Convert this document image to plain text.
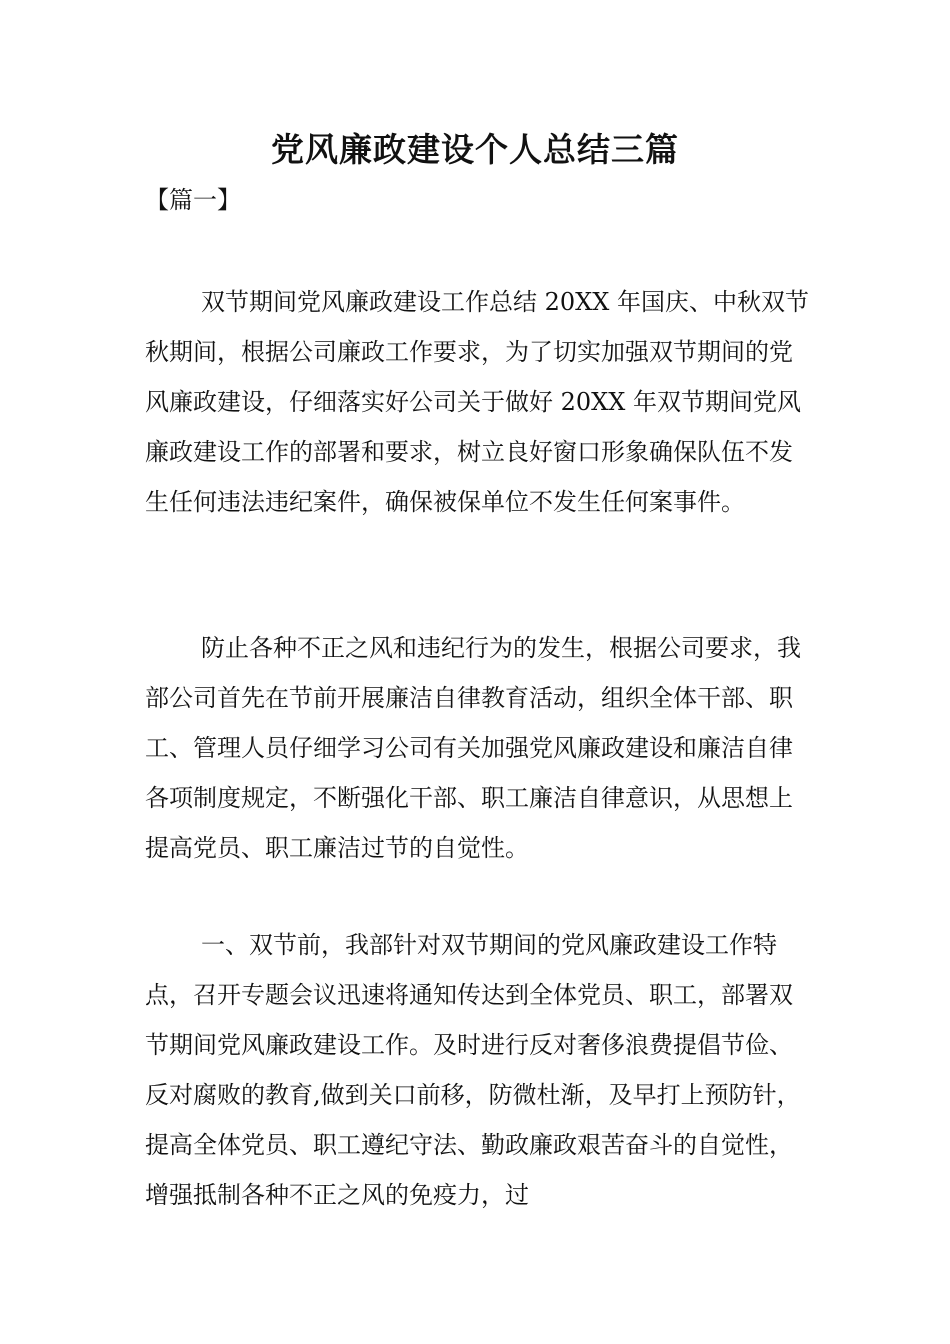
党风廉政建设个人总结三篇

【篇一】

双节期间党风廉政建设工作总结 20XX 年国庆、中秋双节秋期间，根据公司廉政工作要求，为了切实加强双节期间的党风廉政建设，仔细落实好公司关于做好 20XX 年双节期间党风廉政建设工作的部署和要求，树立良好窗口形象确保队伍不发生任何违法违纪案件，确保被保单位不发生任何案事件。

防止各种不正之风和违纪行为的发生，根据公司要求，我部公司首先在节前开展廉洁自律教育活动，组织全体干部、职工、管理人员仔细学习公司有关加强党风廉政建设和廉洁自律各项制度规定，不断强化干部、职工廉洁自律意识，从思想上提高党员、职工廉洁过节的自觉性。

一、双节前，我部针对双节期间的党风廉政建设工作特点，召开专题会议迅速将通知传达到全体党员、职工，部署双节期间党风廉政建设工作。及时进行反对奢侈浪费提倡节俭、反对腐败的教育,做到关口前移，防微杜渐，及早打上预防针，提高全体党员、职工遵纪守法、勤政廉政艰苦奋斗的自觉性，增强抵制各种不正之风的免疫力，过
